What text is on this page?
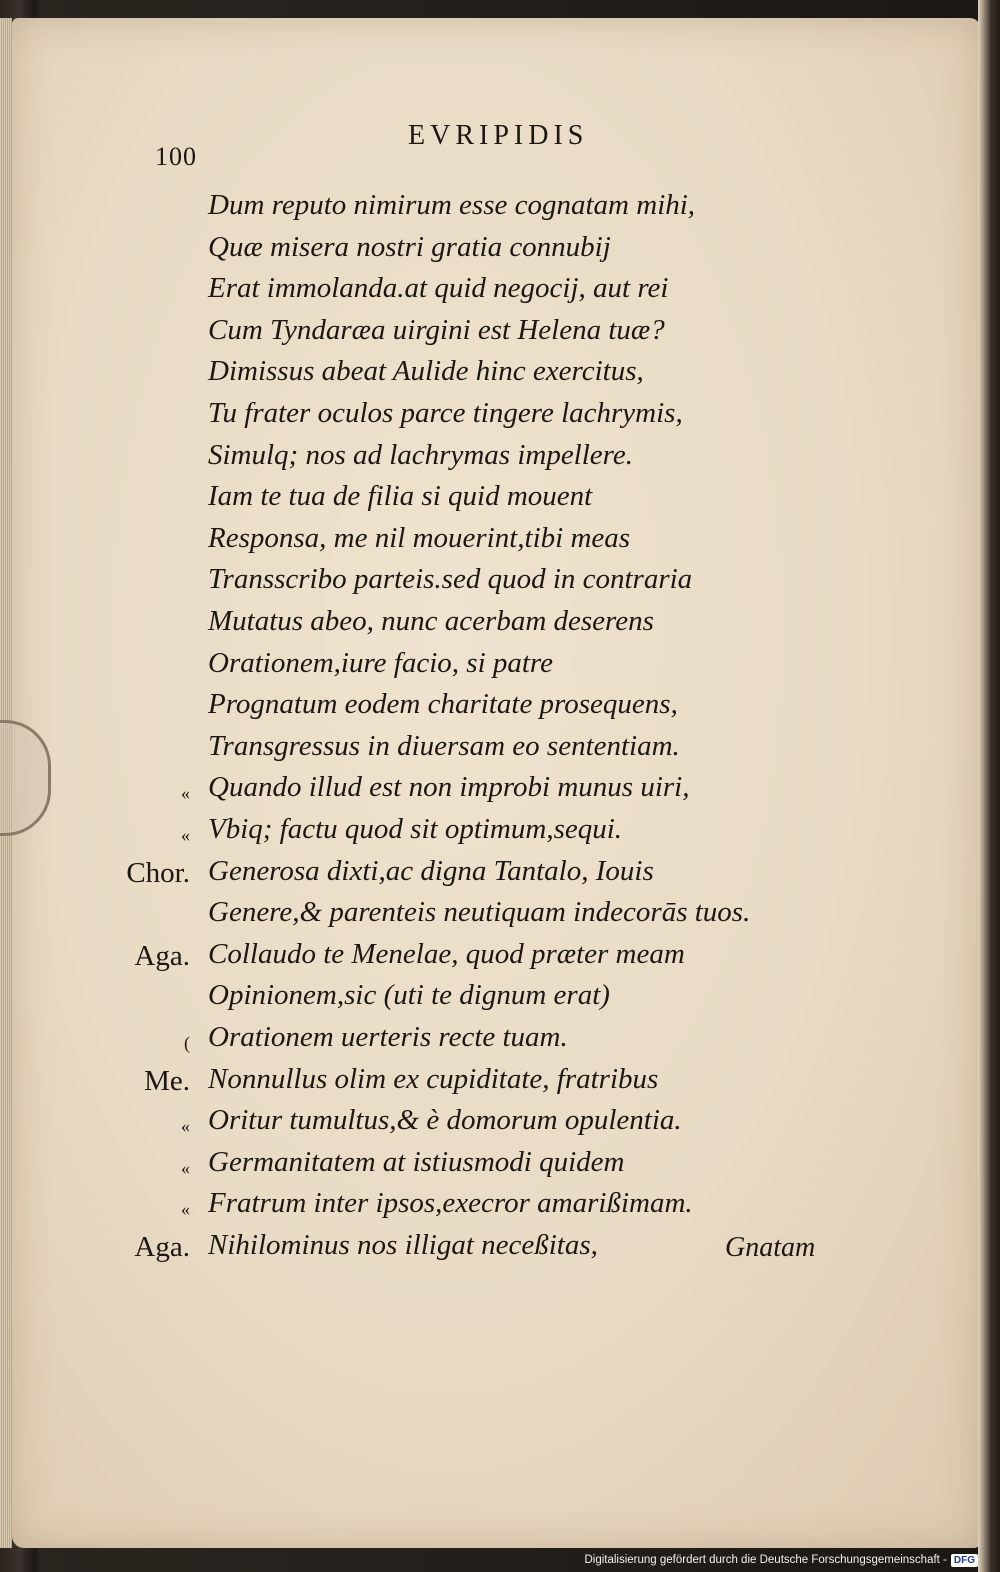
100
EVRIPIDIS
Dum reputo nimirum esse cognatam mihi,
Quæ misera nostri gratia connubij
Erat immolanda.at quid negocij, aut rei
Cum Tyndaræa uirgini est Helena tuæ?
Dimissus abeat Aulide hinc exercitus,
Tu frater oculos parce tingere lachrymis,
Simulq; nos ad lachrymas impellere.
Iam te tua de filia si quid mouent
Responsa, me nil mouerint,tibi meas
Transscribo parteis.sed quod in contraria
Mutatus abeo, nunc acerbam deserens
Orationem,iure facio, si patre
Prognatum eodem charitate prosequens,
Transgressus in diuersam eo sententiam.
Quando illud est non improbi munus uiri,
«
Vbiq; factu quod sit optimum,sequi.
«
Generosa dixti,ac digna Tantalo, Iouis
Chor.
Genere,& parenteis neutiquam indecorās tuos.
Collaudo te Menelae, quod præter meam
Aga.
Opinionem,sic (uti te dignum erat)
Orationem uerteris recte tuam.
(
Nonnullus olim ex cupiditate, fratribus
Me.
Oritur tumultus,& è domorum opulentia.
«
Germanitatem at istiusmodi quidem
«
Fratrum inter ipsos,execror amarißimam.
«
Nihilominus nos illigat neceßitas,
Aga.	Gnatam
Digitalisierung gefördert durch die Deutsche Forschungsgemeinschaft - DFG
